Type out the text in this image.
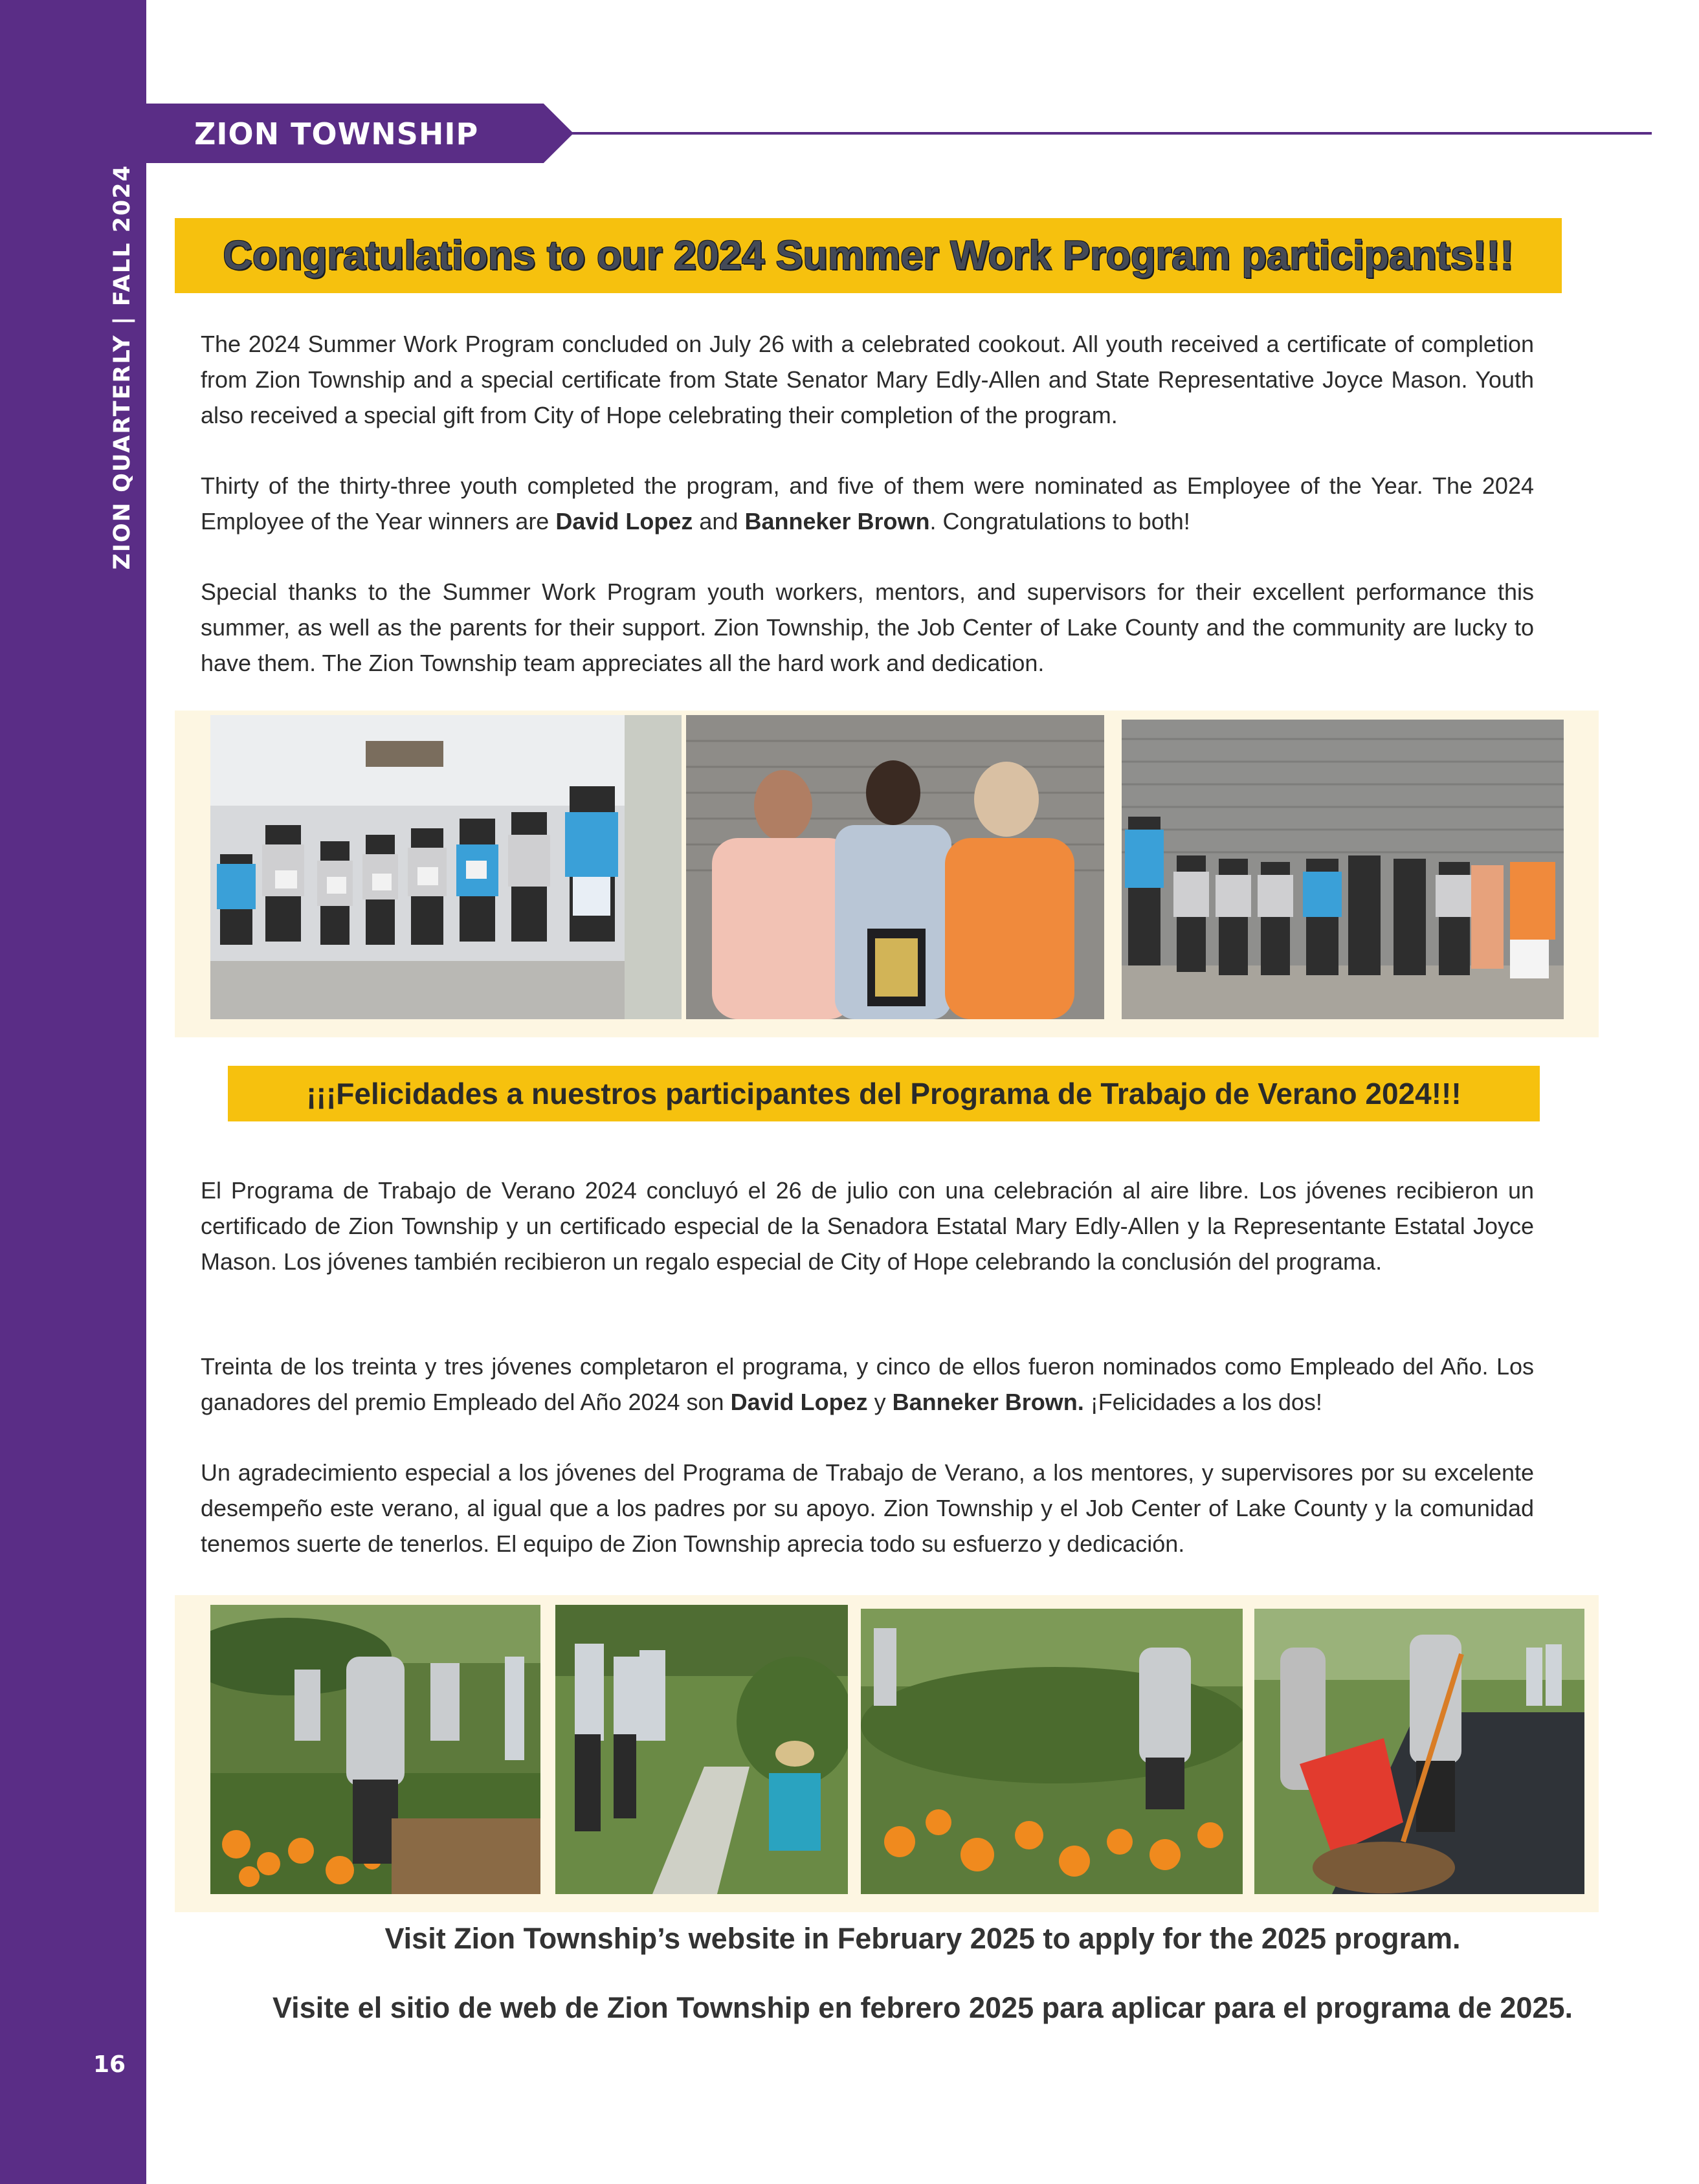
ZION QUARTERLY | FALL 2024
16
ZION TOWNSHIP
Congratulations to our 2024 Summer Work Program participants!!!

The 2024 Summer Work Program concluded on July 26 with a celebrated cookout. All youth received a certificate of completion from Zion Township and a special certificate from State Senator Mary Edly-Allen and State Representative Joyce Mason. Youth also received a special gift from City of Hope celebrating their completion of the program.

Thirty of the thirty-three youth completed the program, and five of them were nominated as Employee of the Year. The 2024 Employee of the Year winners are David Lopez and Banneker Brown. Congratulations to both!

Special thanks to the Summer Work Program youth workers, mentors, and supervisors for their excellent performance this summer, as well as the parents for their support. Zion Township, the Job Center of Lake County and the community are lucky to have them. The Zion Township team appreciates all the hard work and dedication.

¡¡¡Felicidades a nuestros participantes del Programa de Trabajo de Verano 2024!!!

El Programa de Trabajo de Verano 2024 concluyó el 26 de julio con una celebración al aire libre. Los jóvenes recibieron un certificado de Zion Township y un certificado especial de la Senadora Estatal Mary Edly-Allen y la Representante Estatal Joyce Mason. Los jóvenes también recibieron un regalo especial de City of Hope celebrando la conclusión del programa.

Treinta de los treinta y tres jóvenes completaron el programa, y cinco de ellos fueron nominados como Empleado del Año. Los ganadores del premio Empleado del Año 2024 son David Lopez y Banneker Brown. ¡Felicidades a los dos!

Un agradecimiento especial a los jóvenes del Programa de Trabajo de Verano, a los mentores, y supervisores por su excelente desempeño este verano, al igual que a los padres por su apoyo. Zion Township y el Job Center of Lake County y la comunidad tenemos suerte de tenerlos. El equipo de Zion Township aprecia todo su esfuerzo y dedicación.

Visit Zion Township’s website in February 2025 to apply for the 2025 program.
Visite el sitio de web de Zion Township en febrero 2025 para aplicar para el programa de 2025.
